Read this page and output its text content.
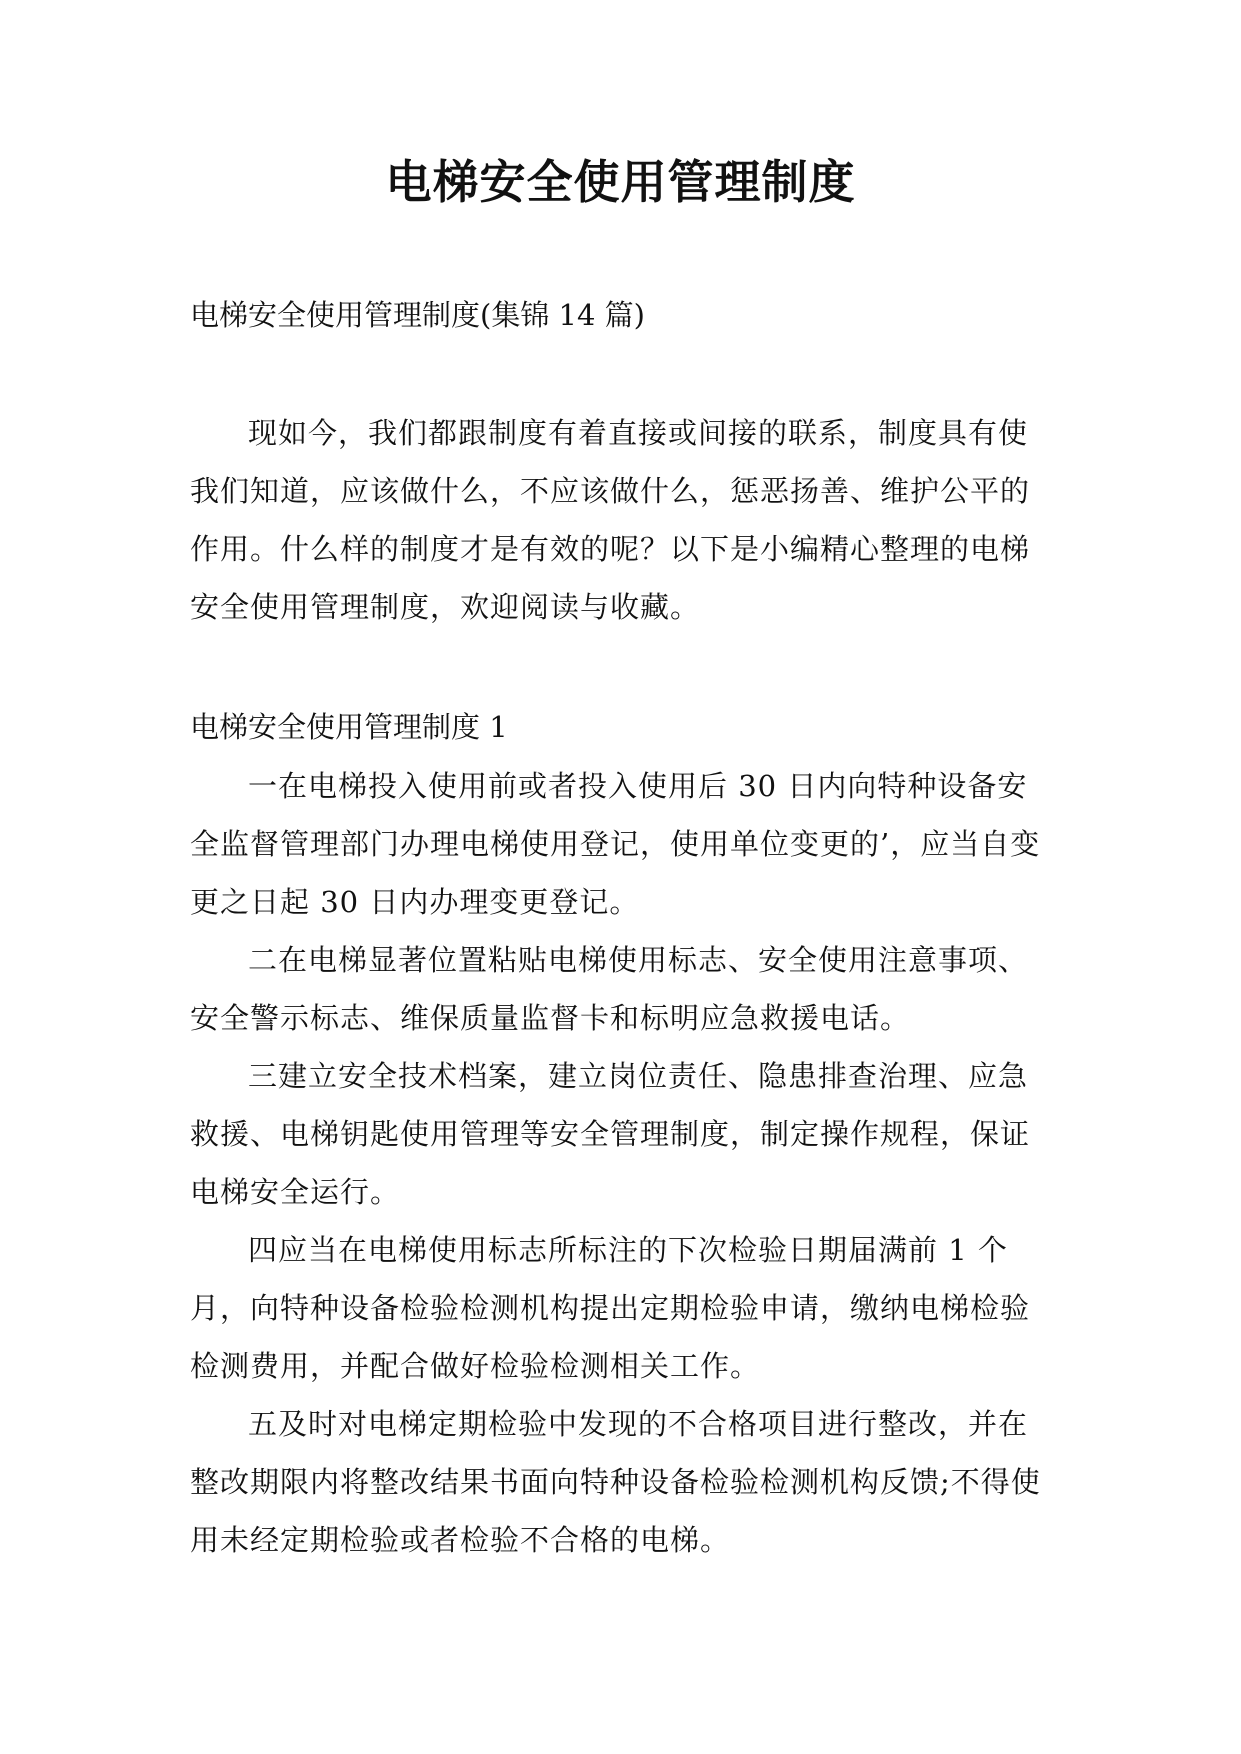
电梯安全使用管理制度
电梯安全使用管理制度(集锦 14 篇)
现如今，我们都跟制度有着直接或间接的联系，制度具有使我们知道，应该做什么，不应该做什么，惩恶扬善、维护公平的作用。什么样的制度才是有效的呢？以下是小编精心整理的电梯安全使用管理制度，欢迎阅读与收藏。
电梯安全使用管理制度 1

一在电梯投入使用前或者投入使用后 30 日内向特种设备安全监督管理部门办理电梯使用登记，使用单位变更的’，应当自变更之日起 30 日内办理变更登记。

二在电梯显著位置粘贴电梯使用标志、安全使用注意事项、安全警示标志、维保质量监督卡和标明应急救援电话。

三建立安全技术档案，建立岗位责任、隐患排查治理、应急救援、电梯钥匙使用管理等安全管理制度，制定操作规程，保证电梯安全运行。

四应当在电梯使用标志所标注的下次检验日期届满前 1 个月，向特种设备检验检测机构提出定期检验申请，缴纳电梯检验检测费用，并配合做好检验检测相关工作。

五及时对电梯定期检验中发现的不合格项目进行整改，并在整改期限内将整改结果书面向特种设备检验检测机构反馈;不得使用未经定期检验或者检验不合格的电梯。
